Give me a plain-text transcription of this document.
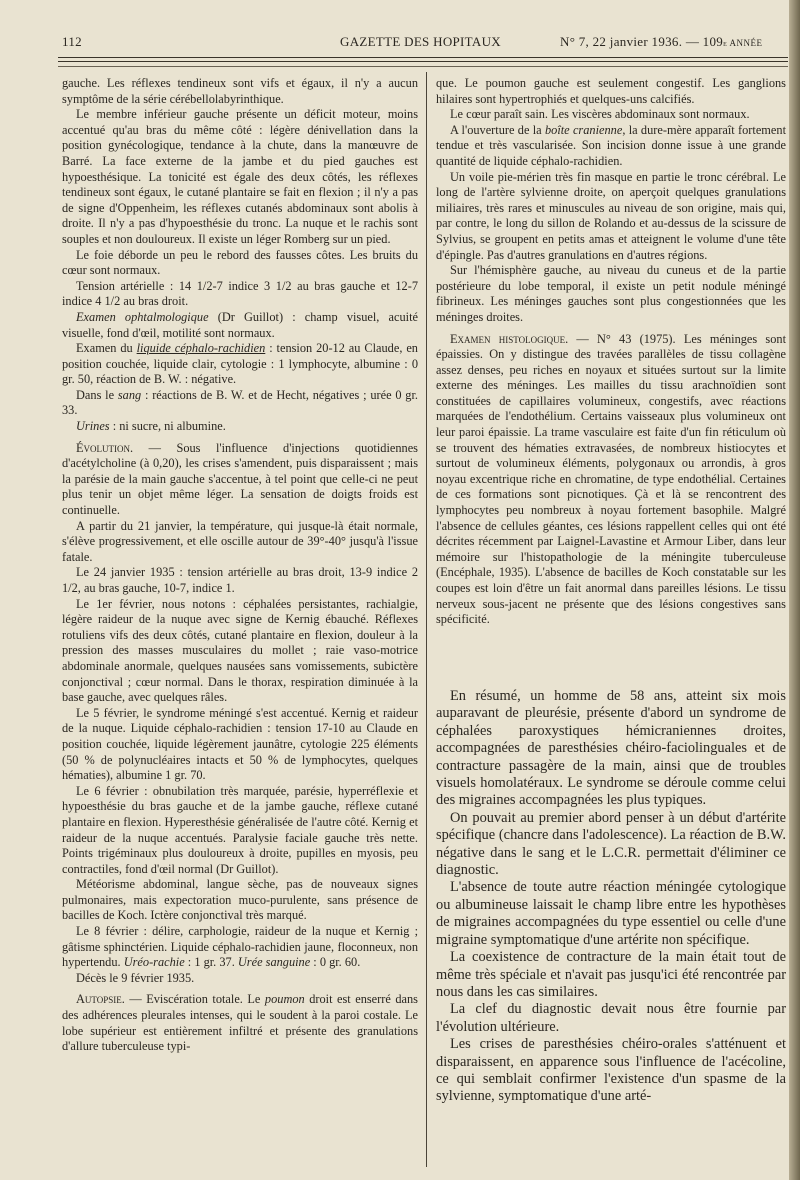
112	GAZETTE DES HOPITAUX	N° 7, 22 janvier 1936. — 109e ANNÉE

gauche. Les réflexes tendineux sont vifs et égaux, il n'y a aucun symptôme de la série cérébellolabyrinthique.

Le membre inférieur gauche présente un déficit moteur, moins accentué qu'au bras du même côté : légère dénivellation dans la position gynécologique, tendance à la chute, dans la manœuvre de Barré. La face externe de la jambe et du pied gauches est hypoesthésique. La tonicité est égale des deux côtés, les réflexes tendineux sont égaux, le cutané plantaire se fait en flexion ; il n'y a pas de signe d'Oppenheim, les réflexes cutanés abdominaux sont abolis à droite. Il n'y a pas d'hypoesthésie du tronc. La nuque et le rachis sont souples et non douloureux. Il existe un léger Romberg sur un pied.

Le foie déborde un peu le rebord des fausses côtes. Les bruits du cœur sont normaux.

Tension artérielle : 14 1/2-7 indice 3 1/2 au bras gauche et 12-7 indice 4 1/2 au bras droit.

Examen ophtalmologique (Dr Guillot) : champ visuel, acuité visuelle, fond d'œil, motilité sont normaux.

Examen du liquide céphalo-rachidien : tension 20-12 au Claude, en position couchée, liquide clair, cytologie : 1 lymphocyte, albumine : 0 gr. 50, réaction de B. W. : négative.

Dans le sang : réactions de B. W. et de Hecht, négatives ; urée 0 gr. 33.

Urines : ni sucre, ni albumine.

Évolution. — Sous l'influence d'injections quotidiennes d'acétylcholine (à 0,20), les crises s'amendent, puis disparaissent ; mais la parésie de la main gauche s'accentue, à tel point que celle-ci ne peut plus tenir un objet même léger. La sensation de doigts froids est continuelle.

A partir du 21 janvier, la température, qui jusque-là était normale, s'élève progressivement, et elle oscille autour de 39°-40° jusqu'à l'issue fatale.

Le 24 janvier 1935 : tension artérielle au bras droit, 13-9 indice 2 1/2, au bras gauche, 10-7, indice 1.

Le 1er février, nous notons : céphalées persistantes, rachialgie, légère raideur de la nuque avec signe de Kernig ébauché. Réflexes rotuliens vifs des deux côtés, cutané plantaire en flexion, douleur à la pression des masses musculaires du mollet ; raie vaso-motrice abdominale anormale, quelques nausées sans vomissements, subictère conjonctival ; cœur normal. Dans le thorax, respiration diminuée à la base gauche, avec quelques râles.

Le 5 février, le syndrome méningé s'est accentué. Kernig et raideur de la nuque. Liquide céphalo-rachidien : tension 17-10 au Claude en position couchée, liquide légèrement jaunâtre, cytologie 225 éléments (50 % de polynucléaires intacts et 50 % de lymphocytes, quelques hématies), albumine 1 gr. 70.

Le 6 février : obnubilation très marquée, parésie, hyperréflexie et hypoesthésie du bras gauche et de la jambe gauche, réflexe cutané plantaire en flexion. Hyperesthésie généralisée de l'autre côté. Kernig et raideur de la nuque accentués. Paralysie faciale gauche très nette. Points trigéminaux plus douloureux à droite, pupilles en myosis, peu contractiles, fond d'œil normal (Dr Guillot).

Météorisme abdominal, langue sèche, pas de nouveaux signes pulmonaires, mais expectoration muco-purulente, sans présence de bacilles de Koch. Ictère conjonctival très marqué.

Le 8 février : délire, carphologie, raideur de la nuque et Kernig ; gâtisme sphinctérien. Liquide céphalo-rachidien jaune, floconneux, non hypertendu. Uréo-rachie : 1 gr. 37. Urée sanguine : 0 gr. 60.

Décès le 9 février 1935.

Autopsie. — Eviscération totale. Le poumon droit est enserré dans des adhérences pleurales intenses, qui le soudent à la paroi costale. Le lobe supérieur est entièrement infiltré et présente des granulations d'allure tuberculeuse typi-

que. Le poumon gauche est seulement congestif. Les ganglions hilaires sont hypertrophiés et quelques-uns calcifiés.

Le cœur paraît sain. Les viscères abdominaux sont normaux.

A l'ouverture de la boîte cranienne, la dure-mère apparaît fortement tendue et très vascularisée. Son incision donne issue à une grande quantité de liquide céphalo-rachidien.

Un voile pie-mérien très fin masque en partie le tronc cérébral. Le long de l'artère sylvienne droite, on aperçoit quelques granulations miliaires, très rares et minuscules au niveau de son origine, mais qui, par contre, le long du sillon de Rolando et au-dessus de la scissure de Sylvius, se groupent en petits amas et atteignent le volume d'une tête d'épingle. Pas d'autres granulations en d'autres régions.

Sur l'hémisphère gauche, au niveau du cuneus et de la partie postérieure du lobe temporal, il existe un petit nodule méningé fibrineux. Les méninges gauches sont plus congestionnées que les méninges droites.

Examen histologique. — N° 43 (1975). Les méninges sont épaissies. On y distingue des travées parallèles de tissu collagène assez denses, peu riches en noyaux et situées surtout sur la limite externe des méninges. Les mailles du tissu arachnoïdien sont constituées de capillaires volumineux, congestifs, avec réactions marquées de l'endothélium. Certains vaisseaux plus volumineux ont leur paroi épaissie. La trame vasculaire est faite d'un fin réticulum où se trouvent des hématies extravasées, de nombreux histiocytes et surtout de volumineux éléments, polygonaux ou arrondis, à gros noyau excentrique riche en chromatine, de type endothélial. Certaines de ces formations sont picnotiques. Çà et là se rencontrent des lymphocytes peu nombreux à noyau fortement basophile. Malgré l'absence de cellules géantes, ces lésions rappellent celles qui ont été décrites récemment par Laignel-Lavastine et Armour Liber, dans leur mémoire sur l'histopathologie de la méningite tuberculeuse (Encéphale, 1935). L'absence de bacilles de Koch constatable sur les coupes est loin d'être un fait anormal dans pareilles lésions. Le tissu nerveux sous-jacent ne présente que des lésions congestives sans spécificité.

En résumé, un homme de 58 ans, atteint six mois auparavant de pleurésie, présente d'abord un syndrome de céphalées paroxystiques hémicraniennes droites, accompagnées de paresthésies chéiro-faciolinguales et de contracture passagère de la main, ainsi que de troubles visuels homolatéraux. Le syndrome se déroule comme celui des migraines accompagnées les plus typiques.

On pouvait au premier abord penser à un début d'artérite spécifique (chancre dans l'adolescence). La réaction de B.W. négative dans le sang et le L.C.R. permettait d'éliminer ce diagnostic.

L'absence de toute autre réaction méningée cytologique ou albumineuse laissait le champ libre entre les hypothèses de migraines accompagnées du type essentiel ou celle d'une migraine symptomatique d'une artérite non spécifique.

La coexistence de contracture de la main était tout de même très spéciale et n'avait pas jusqu'ici été rencontrée par nous dans les cas similaires.

La clef du diagnostic devait nous être fournie par l'évolution ultérieure.

Les crises de paresthésies chéiro-orales s'atténuent et disparaissent, en apparence sous l'influence de l'acécoline, ce qui semblait confirmer l'existence d'un spasme de la sylvienne, symptomatique d'une arté-
